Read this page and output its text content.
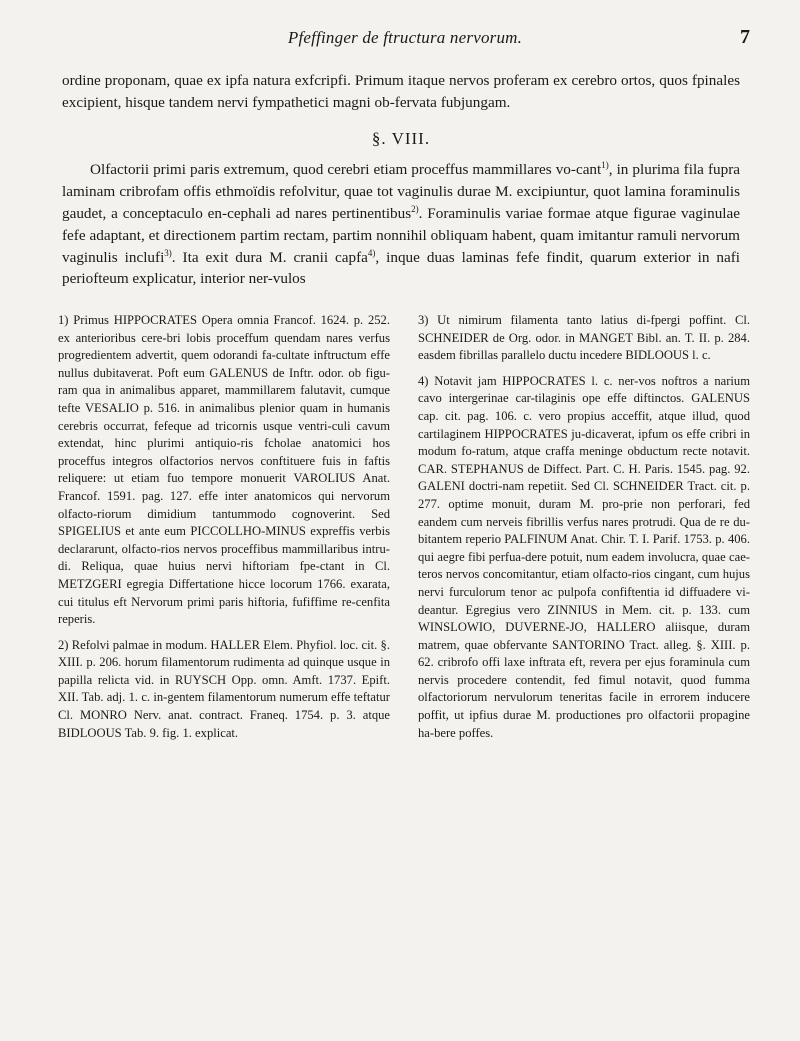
Pfeffinger de ftructura nervorum.	7

ordine proponam, quae ex ipfa natura exfcripfi. Primum itaque nervos proferam ex cerebro ortos, quos fpinales excipient, hisque tandem nervi fympathetici magni ob-fervata fubjungam.

§. VIII.

Olfactorii primi paris extremum, quod cerebri etiam proceffus mammillares vo-cant$^{1)}$, in plurima fila fupra laminam cribrofam offis ethmoïdis refolvitur, quae tot vaginulis durae M. excipiuntur, quot lamina foraminulis gaudet, a conceptaculo en-cephali ad nares pertinentibus$^{2)}$. Foraminulis variae formae atque figurae vaginulae fefe adaptant, et directionem partim rectam, partim nonnihil obliquam habent, quam imitantur ramuli nervorum vaginulis inclufi$^{3)}$. Ita exit dura M. cranii capfa$^{4)}$, inque duas laminas fefe findit, quarum exterior in nafi periofteum explicatur, interior ner-vulos

1) Primus HIPPOCRATES Opera omnia Francof. 1624. p. 252. ex anterioribus cere-bri lobis proceffum quendam nares verfus progredientem advertit, quem odorandi fa-cultate inftructum effe nullus dubitaverat. Poft eum GALENUS de Inftr. odor. ob figu-ram qua in animalibus apparet, mammillarem falutavit, cumque tefte VESALIO p. 516. in animalibus plenior quam in humanis cerebris occurrat, fefeque ad tricornis usque ventri-culi cavum extendat, hinc plurimi antiquio-ris fcholae anatomici hos proceffus integros olfactorios nervos conftituere fuis in faftis reliquere: ut etiam fuo tempore monuerit VAROLIUS Anat. Francof. 1591. pag. 127. effe inter anatomicos qui nervorum olfacto-riorum dimidium tantummodo cognoverint. Sed SPIGELIUS et ante eum PICCOLLHO-MINUS expreffis verbis declararunt, olfacto-rios nervos proceffibus mammillaribus intru-di. Reliqua, quae huius nervi hiftoriam fpe-ctant in Cl. METZGERI egregia Differtatione hicce locorum 1766. exarata, cui titulus eft Nervorum primi paris hiftoria, fufiffime re-cenfita reperis.

2) Refolvi palmae in modum. HALLER Elem. Phyfiol. loc. cit. §. XIII. p. 206. horum filamentorum rudimenta ad quinque usque in papilla relicta vid. in RUYSCH Opp. omn. Amft. 1737. Epift. XII. Tab. adj. 1. c. in-gentem filamentorum numerum effe teftatur Cl. MONRO Nerv. anat. contract. Franeq. 1754. p. 3. atque BIDLOOUS Tab. 9. fig. 1. explicat.

3) Ut nimirum filamenta tanto latius di-fpergi poffint. Cl. SCHNEIDER de Org. odor. in MANGET Bibl. an. T. II. p. 284. easdem fibrillas parallelo ductu incedere BIDLOOUS l. c.

4) Notavit jam HIPPOCRATES l. c. ner-vos noftros a narium cavo intergerinae car-tilaginis ope effe diftinctos. GALENUS cap. cit. pag. 106. c. vero propius acceffit, atque illud, quod cartilaginem HIPPOCRATES ju-dicaverat, ipfum os effe cribri in modum fo-ratum, atque craffa meninge obductum recte notavit. CAR. STEPHANUS de Diffect. Part. C. H. Paris. 1545. pag. 92. GALENI doctri-nam repetiit. Sed Cl. SCHNEIDER Tract. cit. p. 277. optime monuit, duram M. pro-prie non perforari, fed eandem cum nerveis fibrillis verfus nares protrudi. Qua de re du-bitantem reperio PALFINUM Anat. Chir. T. I. Parif. 1753. p. 406. qui aegre fibi perfua-dere potuit, num eadem involucra, quae cae-teros nervos concomitantur, etiam olfacto-rios cingant, cum hujus nervi furculorum tenor ac pulpofa confiftentia id diffuadere vi-deantur. Egregius vero ZINNIUS in Mem. cit. p. 133. cum WINSLOWIO, DUVERNE-JO, HALLERO aliisque, duram matrem, quae obfervante SANTORINO Tract. alleg. §. XIII. p. 62. cribrofo offi laxe inftrata eft, revera per ejus foraminula cum nervis procedere contendit, fed fimul notavit, quod fumma olfactoriorum nervulorum teneritas facile in errorem inducere poffit, ut ipfius durae M. productiones pro olfactorii propagine ha-bere poffes.
